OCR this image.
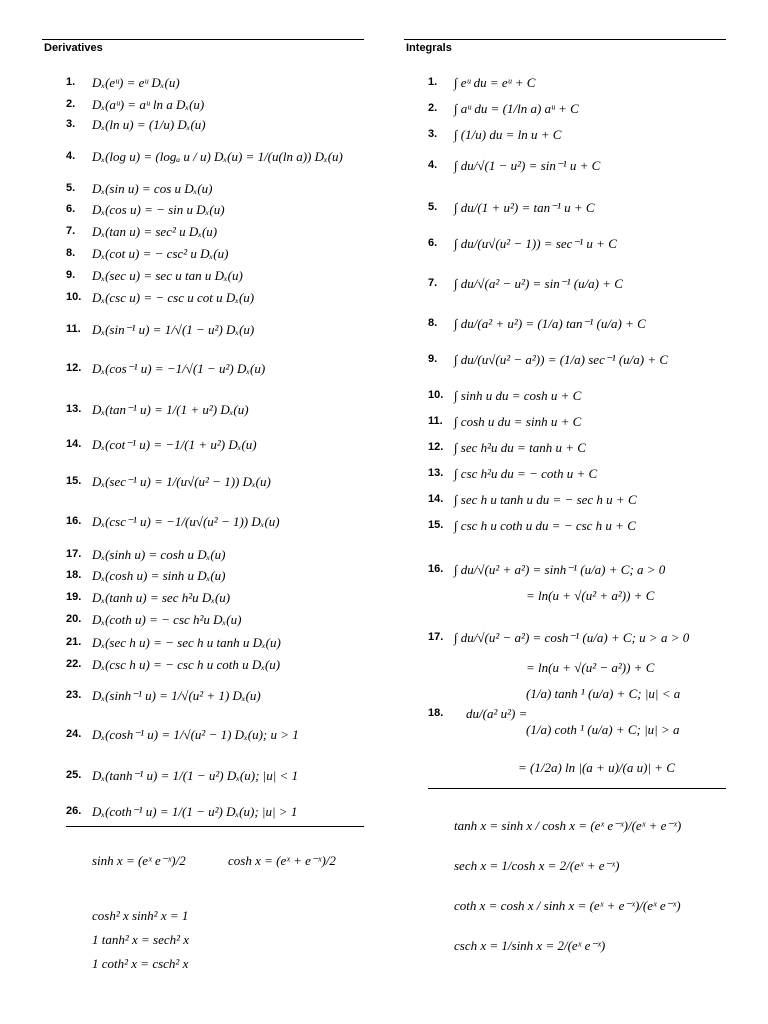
Derivatives	Integrals
1. Dₓ(eᵘ) = eᵘ Dₓ(u)
2. Dₓ(aᵘ) = aᵘ ln a Dₓ(u)
3. Dₓ(ln u) = (1/u) Dₓ(u)
4. Dₓ(log u) = (logₐ u / u) Dₓ(u) = 1/(u(ln a)) Dₓ(u)
5. Dₓ(sin u) = cos u Dₓ(u)
6. Dₓ(cos u) = − sin u Dₓ(u)
7. Dₓ(tan u) = sec² u Dₓ(u)
8. Dₓ(cot u) = − csc² u Dₓ(u)
9. Dₓ(sec u) = sec u tan u Dₓ(u)
10. Dₓ(csc u) = − csc u cot u Dₓ(u)
11. Dₓ(sin⁻¹ u) = 1/√(1 − u²) Dₓ(u)
12. Dₓ(cos⁻¹ u) = −1/√(1 − u²) Dₓ(u)
13. Dₓ(tan⁻¹ u) = 1/(1 + u²) Dₓ(u)
14. Dₓ(cot⁻¹ u) = −1/(1 + u²) Dₓ(u)
15. Dₓ(sec⁻¹ u) = 1/(u√(u² − 1)) Dₓ(u)
16. Dₓ(csc⁻¹ u) = −1/(u√(u² − 1)) Dₓ(u)
17. Dₓ(sinh u) = cosh u Dₓ(u)
18. Dₓ(cosh u) = sinh u Dₓ(u)
19. Dₓ(tanh u) = sec h²u Dₓ(u)
20. Dₓ(coth u) = − csc h²u Dₓ(u)
21. Dₓ(sec h u) = − sec h u tanh u Dₓ(u)
22. Dₓ(csc h u) = − csc h u coth u Dₓ(u)
23. Dₓ(sinh⁻¹ u) = 1/√(u² + 1) Dₓ(u)
24. Dₓ(cosh⁻¹ u) = 1/√(u² − 1) Dₓ(u); u > 1
25. Dₓ(tanh⁻¹ u) = 1/(1 − u²) Dₓ(u); |u| < 1
26. Dₓ(coth⁻¹ u) = 1/(1 − u²) Dₓ(u); |u| > 1
sinh x = (eˣ e⁻ˣ)/2	cosh x = (eˣ + e⁻ˣ)/2
cosh² x sinh² x = 1
1 tanh² x = sech² x
1 coth² x = csch² x
1. ∫ eᵘ du = eᵘ + C
2. ∫ aᵘ du = (1/ln a) aᵘ + C
3. ∫ (1/u) du = ln u + C
4. ∫ du/√(1 − u²) = sin⁻¹ u + C
5. ∫ du/(1 + u²) = tan⁻¹ u + C
6. ∫ du/(u√(u² − 1)) = sec⁻¹ u + C
7. ∫ du/√(a² − u²) = sin⁻¹ (u/a) + C
8. ∫ du/(a² + u²) = (1/a) tan⁻¹ (u/a) + C
9. ∫ du/(u√(u² − a²)) = (1/a) sec⁻¹ (u/a) + C
10. ∫ sinh u du = cosh u + C
11. ∫ cosh u du = sinh u + C
12. ∫ sec h²u du = tanh u + C
13. ∫ csc h²u du = − coth u + C
14. ∫ sec h u tanh u du = − sec h u + C
15. ∫ csc h u coth u du = − csc h u + C
16. ∫ du/√(u² + a²) = sinh⁻¹ (u/a) + C; a > 0
= ln(u + √(u² + a²)) + C
17. ∫ du/√(u² − a²) = cosh⁻¹ (u/a) + C; u > a > 0
= ln(u + √(u² − a²)) + C
18. du/(a² u²) =
(1/a) tanh ¹ (u/a) + C; |u| < a
(1/a) coth ¹ (u/a) + C; |u| > a
= (1/2a) ln |(a + u)/(a u)| + C
tanh x = sinh x / cosh x = (eˣ e⁻ˣ)/(eˣ + e⁻ˣ)
sech x = 1/cosh x = 2/(eˣ + e⁻ˣ)
coth x = cosh x / sinh x = (eˣ + e⁻ˣ)/(eˣ e⁻ˣ)
csch x = 1/sinh x = 2/(eˣ e⁻ˣ)
